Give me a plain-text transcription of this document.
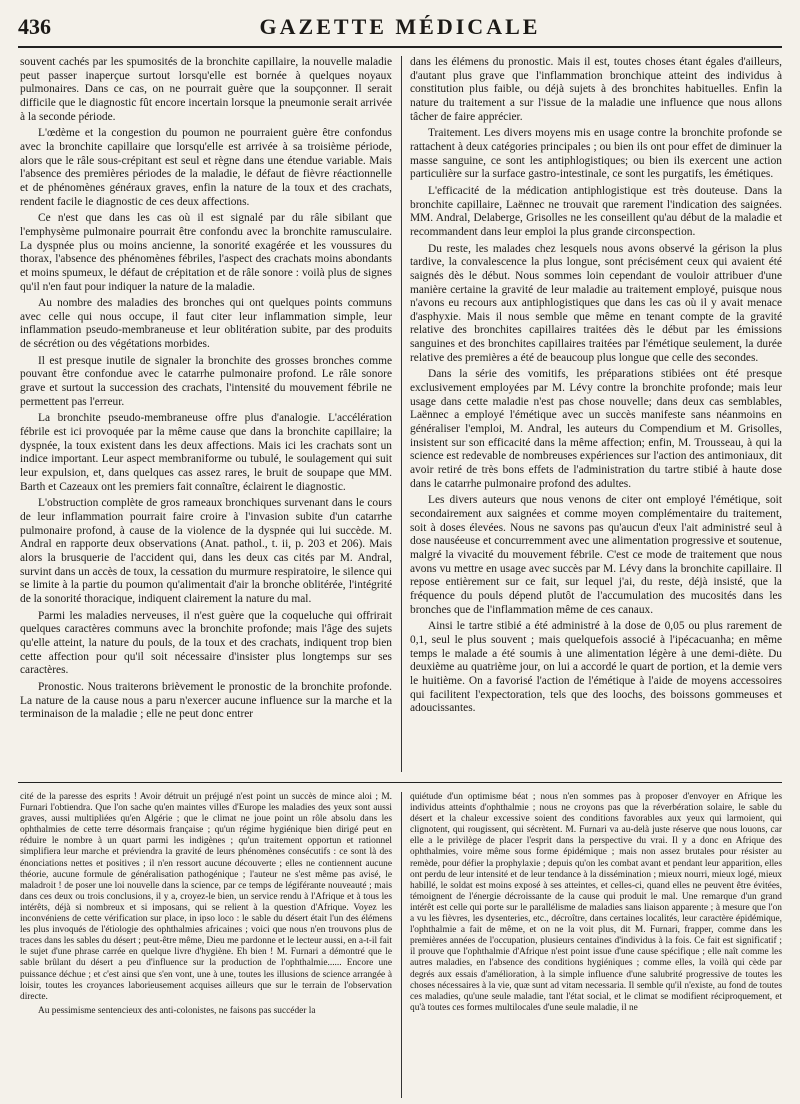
436	GAZETTE MÉDICALE

souvent cachés par les spumosités de la bronchite capillaire, la nouvelle maladie peut passer inaperçue surtout lorsqu'elle est bornée à quelques noyaux pulmonaires. Dans ce cas, on ne pourrait guère que la soupçonner. Il serait difficile que le diagnostic fût encore incertain lorsque la pneumonie serait arrivée à la seconde période.

L'œdème et la congestion du poumon ne pourraient guère être confondus avec la bronchite capillaire que lorsqu'elle est arrivée à sa troisième période, alors que le râle sous-crépitant est seul et règne dans une étendue variable. Mais l'absence des premières périodes de la maladie, le défaut de fièvre réactionnelle et de phénomènes généraux graves, enfin la nature de la toux et des crachats, rendent facile le diagnostic de ces deux affections.

Ce n'est que dans les cas où il est signalé par du râle sibilant que l'emphysème pulmonaire pourrait être confondu avec la bronchite ramusculaire. La dyspnée plus ou moins ancienne, la sonorité exagérée et les voussures du thorax, l'absence des phénomènes fébriles, l'aspect des crachats moins abondants et moins spumeux, le défaut de crépitation et de râle sonore : voilà plus de signes qu'il n'en faut pour indiquer la nature de la maladie.

Au nombre des maladies des bronches qui ont quelques points communs avec celle qui nous occupe, il faut citer leur inflammation simple, leur inflammation pseudo-membraneuse et leur oblitération subite, par des produits de sécrétion ou des végétations morbides.

Il est presque inutile de signaler la bronchite des grosses bronches comme pouvant être confondue avec le catarrhe pulmonaire profond. Le râle sonore grave et surtout la succession des crachats, l'intensité du mouvement fébrile ne permettent pas l'erreur.

La bronchite pseudo-membraneuse offre plus d'analogie. L'accélération fébrile est ici provoquée par la même cause que dans la bronchite capillaire; la dyspnée, la toux existent dans les deux affections. Mais ici les crachats sont un indice important. Leur aspect membraniforme ou tubulé, le soulagement qui suit leur expulsion, et, dans quelques cas assez rares, le bruit de soupape que MM. Barth et Cazeaux ont les premiers fait connaître, éclairent le diagnostic.

L'obstruction complète de gros rameaux bronchiques survenant dans le cours de leur inflammation pourrait faire croire à l'invasion subite d'un catarrhe pulmonaire profond, à cause de la violence de la dyspnée qui lui succède. M. Andral en rapporte deux observations (Anat. pathol., t. ii, p. 203 et 206). Mais alors la brusquerie de l'accident qui, dans les deux cas cités par M. Andral, survint dans un accès de toux, la cessation du murmure respiratoire, le silence qui se limite à la partie du poumon qu'alimentait d'air la bronche oblitérée, l'intégrité de la sonorité thoracique, indiquent clairement la nature du mal.

Parmi les maladies nerveuses, il n'est guère que la coqueluche qui offrirait quelques caractères communs avec la bronchite profonde; mais l'âge des sujets qu'elle atteint, la nature du pouls, de la toux et des crachats, indiquent trop bien cette affection pour qu'il soit nécessaire d'insister plus longtemps sur ses caractères.

Pronostic. Nous traiterons brièvement le pronostic de la bronchite profonde. La nature de la cause nous a paru n'exercer aucune influence sur la marche et la terminaison de la maladie ; elle ne peut donc entrer

dans les élémens du pronostic. Mais il est, toutes choses étant égales d'ailleurs, d'autant plus grave que l'inflammation bronchique atteint des individus à constitution plus faible, ou déjà sujets à des bronchites habituelles. Enfin la nature du traitement a sur l'issue de la maladie une influence que nous allons tâcher de faire apprécier.

Traitement. Les divers moyens mis en usage contre la bronchite profonde se rattachent à deux catégories principales ; ou bien ils ont pour effet de diminuer la masse sanguine, ce sont les antiphlogistiques; ou bien ils exercent une action particulière sur la surface gastro-intestinale, ce sont les purgatifs, les émétiques.

L'efficacité de la médication antiphlogistique est très douteuse. Dans la bronchite capillaire, Laënnec ne trouvait que rarement l'indication des saignées. MM. Andral, Delaberge, Grisolles ne les conseillent qu'au début de la maladie et recommandent dans leur emploi la plus grande circonspection.

Du reste, les malades chez lesquels nous avons observé la gérison la plus tardive, la convalescence la plus longue, sont précisément ceux qui avaient été saignés dès le début. Nous sommes loin cependant de vouloir attribuer d'une manière certaine la gravité de leur maladie au traitement employé, puisque nous n'avons eu recours aux antiphlogistiques que dans les cas où il y avait menace d'asphyxie. Mais il nous semble que même en tenant compte de la gravité relative des bronchites capillaires traitées dès le début par les émissions sanguines et des bronchites capillaires traitées par l'émétique seulement, la durée relative des premières a été de beaucoup plus longue que celle des secondes.

Dans la série des vomitifs, les préparations stibiées ont été presque exclusivement employées par M. Lévy contre la bronchite profonde; mais leur usage dans cette maladie n'est pas chose nouvelle; dans deux cas semblables, Laënnec a employé l'émétique avec un succès manifeste sans néanmoins en généraliser l'emploi, M. Andral, les auteurs du Compendium et M. Grisolles, insistent sur son efficacité dans la même affection; enfin, M. Trousseau, à qui la science est redevable de nombreuses expériences sur l'action des antimoniaux, dit avoir retiré de très bons effets de l'administration du tartre stibié à haute dose dans le catarrhe pulmonaire profond des adultes.

Les divers auteurs que nous venons de citer ont employé l'émétique, soit secondairement aux saignées et comme moyen complémentaire du traitement, soit à doses élevées. Nous ne savons pas qu'aucun d'eux l'ait administré seul à dose nauséeuse et concurremment avec une alimentation progressive et soutenue, malgré la vivacité du mouvement fébrile. C'est ce mode de traitement que nous avons vu mettre en usage avec succès par M. Lévy dans la bronchite capillaire. Il repose entièrement sur ce fait, sur lequel j'ai, du reste, déjà insisté, que la fréquence du pouls dépend plutôt de l'accumulation des mucosités dans les bronches que de l'inflammation même de ces canaux.

Ainsi le tartre stibié a été administré à la dose de 0,05 ou plus rarement de 0,1, seul le plus souvent ; mais quelquefois associé à l'ipécacuanha; en même temps le malade a été soumis à une alimentation légère à une demi-diète. Du deuxième au quatrième jour, on lui a accordé le quart de portion, et la demie vers le huitième. On a favorisé l'action de l'émétique à l'aide de moyens accessoires qui facilitent l'expectoration, tels que des loochs, des boissons gommeuses et adoucissantes.

cité de la paresse des esprits ! Avoir détruit un préjugé n'est point un succès de mince aloi ; M. Furnari l'obtiendra. Que l'on sache qu'en maintes villes d'Europe les maladies des yeux sont aussi graves, aussi multipliées qu'en Algérie ; que le climat ne joue point un rôle absolu dans les ophthalmies de cette terre désormais française ; qu'un régime hygiénique bien dirigé peut en réduire le nombre à un quart parmi les indigènes ; qu'un traitement opportun et rationnel simplifiera leur marche et préviendra la gravité de leurs phénomènes consécutifs : ce sont là des énonciations nettes et positives ; il n'en ressort aucune découverte ; elles ne contiennent aucune théorie, aucune formule de généralisation pathogénique ; l'auteur ne s'est même pas avisé, le maladroit ! de poser une loi nouvelle dans la science, par ce temps de légiférante nouveauté ; mais dans ces deux ou trois conclusions, il y a, croyez-le bien, un service rendu à l'Afrique et à tous les intérêts, déjà si nombreux et si imposans, qui se relient à la question d'Afrique. Voyez les inconvéniens de cette vérification sur place, in ipso loco : le sable du désert était l'un des élémens les plus invoqués de l'étiologie des ophthalmies africaines ; voici que nous n'en trouvons plus de traces dans les sables du désert ; peut-être même, Dieu me pardonne et le lecteur aussi, en a-t-il fait le sujet d'une phrase carrée en quelque livre d'hygiène. Eh bien ! M. Furnari a démontré que le sable brûlant du désert a peu d'influence sur la production de l'ophthalmie...... Encore une puissance déchue ; et c'est ainsi que s'en vont, une à une, toutes les illusions de science arrangée à loisir, toutes les croyances laborieusement acquises ailleurs que sur le terrain de l'observation directe.

Au pessimisme sentencieux des anti-colonistes, ne faisons pas succéder la

quiétude d'un optimisme béat ; nous n'en sommes pas à proposer d'envoyer en Afrique les individus atteints d'ophthalmie ; nous ne croyons pas que la réverbération solaire, le sable du désert et la chaleur excessive soient des conditions favorables aux yeux qui larmoient, qui clignotent, qui rougissent, qui sécrètent. M. Furnari va au-delà juste réserve que nous louons, car elle a le privilège de placer l'esprit dans la perspective du vrai. Il y a donc en Afrique des ophthalmies, voire même sous forme épidémique ; mais non assez brutales pour résister au remède, pour défier la prophylaxie ; depuis qu'on les combat avant et pendant leur apparition, elles ont perdu de leur intensité et de leur tendance à la dissémination ; mieux nourri, mieux logé, mieux habillé, le soldat est moins exposé à ses atteintes, et celles-ci, quand elles ne peuvent être évitées, témoignent de l'énergie décroissante de la cause qui produit le mal. Une remarque d'un grand intérêt est celle qui porte sur le parallélisme de maladies sans liaison apparente ; à mesure que l'on a vu les fièvres, les dysenteries, etc., décroître, dans certaines localités, leur caractère épidémique, l'ophthalmie a fait de même, et on ne la voit plus, dit M. Furnari, frapper, comme dans les premières années de l'occupation, plusieurs centaines d'individus à la fois. Ce fait est significatif ; il prouve que l'ophthalmie d'Afrique n'est point issue d'une cause spécifique ; elle naît comme les autres maladies, en l'absence des conditions hygiéniques ; comme elles, la voilà qui cède par degrés aux essais d'amélioration, à la simple influence d'une salubrité progressive de toutes les choses nécessaires à la vie, quæ sunt ad vitam necessaria. Il semble qu'il n'existe, au fond de toutes ces maladies, qu'une seule maladie, tant l'état social, et le climat se modifient réciproquement, et qu'à toutes ces formes multilocales d'une seule maladie, il ne
